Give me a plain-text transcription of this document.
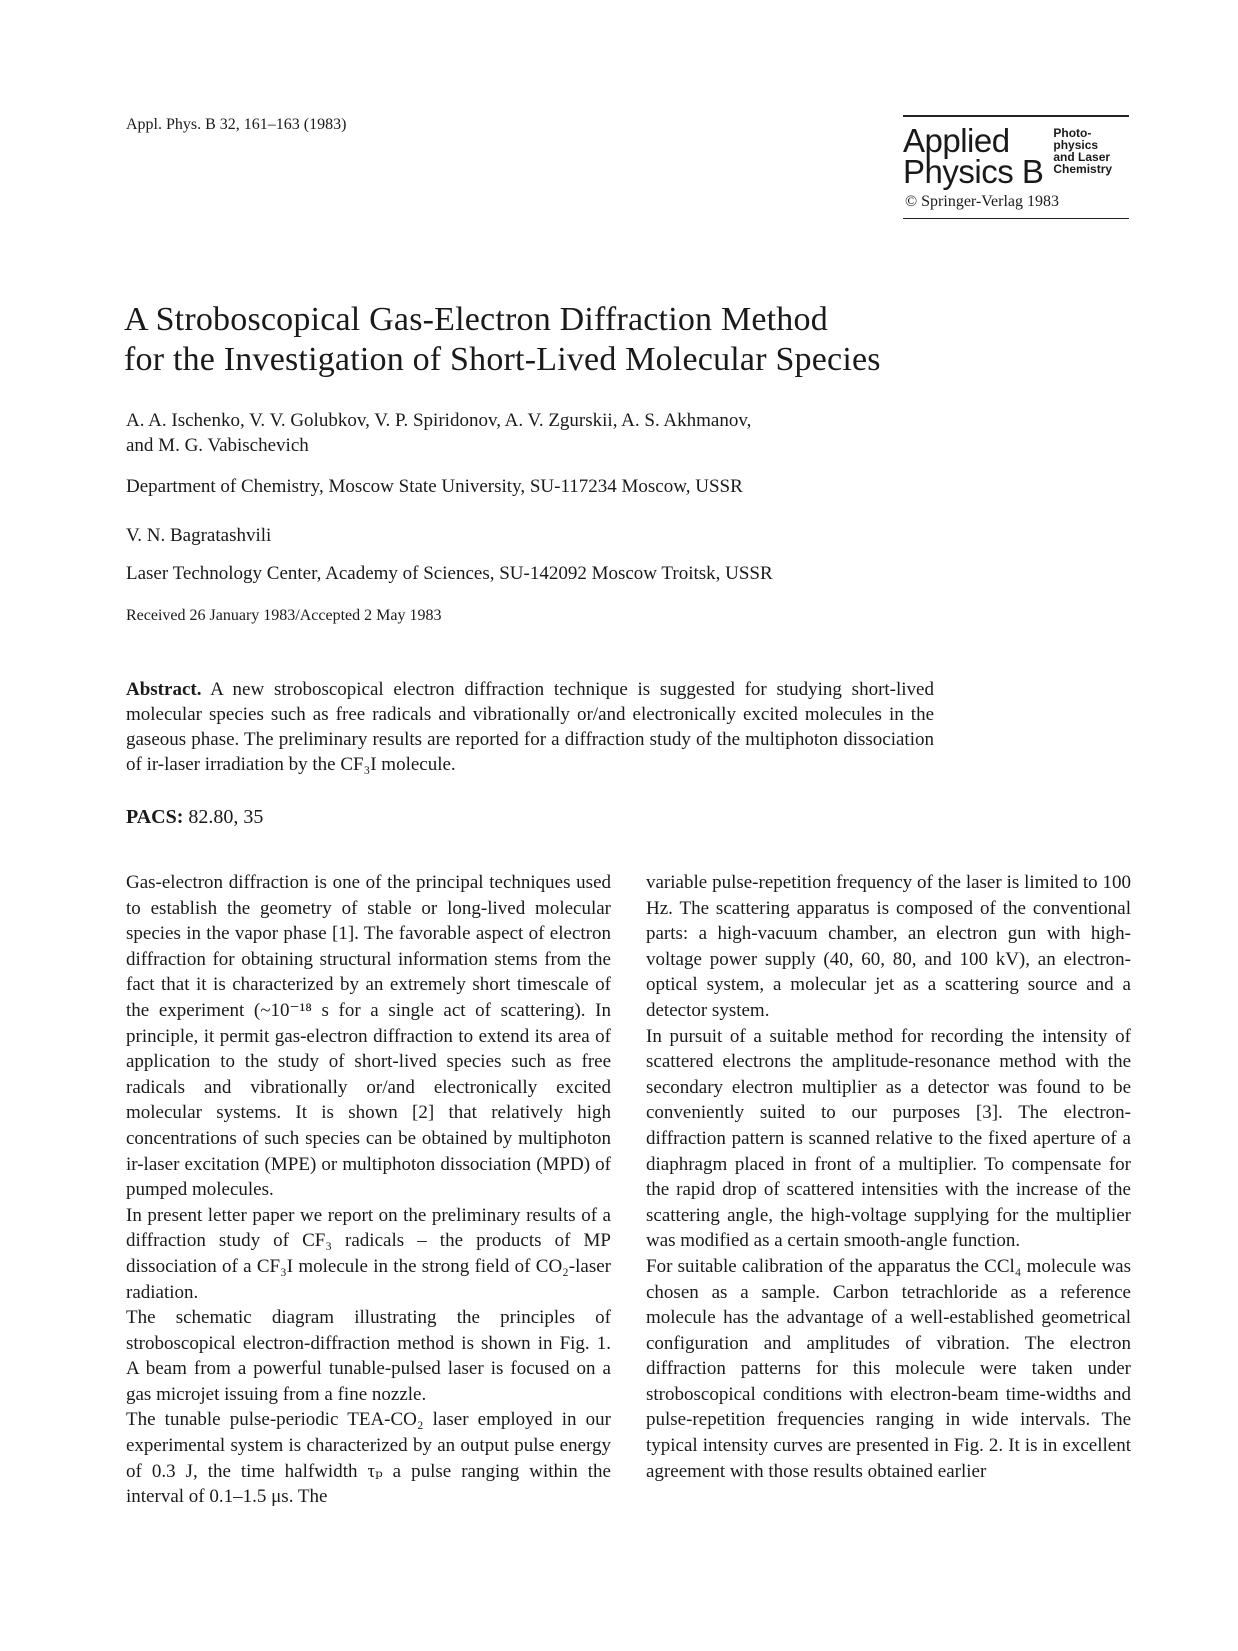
Appl. Phys. B 32, 161–163 (1983)	Applied
Physics B
Photo-
physics
and Laser
Chemistry
© Springer-Verlag 1983
A Stroboscopical Gas-Electron Diffraction Method
for the Investigation of Short-Lived Molecular Species
A. A. Ischenko, V. V. Golubkov, V. P. Spiridonov, A. V. Zgurskii, A. S. Akhmanov,
and M. G. Vabischevich
Department of Chemistry, Moscow State University, SU-117234 Moscow, USSR
V. N. Bagratashvili
Laser Technology Center, Academy of Sciences, SU-142092 Moscow Troitsk, USSR
Received 26 January 1983/Accepted 2 May 1983
Abstract. A new stroboscopical electron diffraction technique is suggested for studying short-lived molecular species such as free radicals and vibrationally or/and electronically excited molecules in the gaseous phase. The preliminary results are reported for a diffraction study of the multiphoton dissociation of ir-laser irradiation by the CF₃I molecule.
PACS: 82.80, 35

Gas-electron diffraction is one of the principal techniques used to establish the geometry of stable or long-lived molecular species in the vapor phase [1]. The favorable aspect of electron diffraction for obtaining structural information stems from the fact that it is characterized by an extremely short timescale of the experiment (~10⁻¹⁸ s for a single act of scattering). In principle, it permit gas-electron diffraction to extend its area of application to the study of short-lived species such as free radicals and vibrationally or/and electronically excited molecular systems. It is shown [2] that relatively high concentrations of such species can be obtained by multiphoton ir-laser excitation (MPE) or multiphoton dissociation (MPD) of pumped molecules.

In present letter paper we report on the preliminary results of a diffraction study of CF₃ radicals – the products of MP dissociation of a CF₃I molecule in the strong field of CO₂-laser radiation.

The schematic diagram illustrating the principles of stroboscopical electron-diffraction method is shown in Fig. 1. A beam from a powerful tunable-pulsed laser is focused on a gas microjet issuing from a fine nozzle.

The tunable pulse-periodic TEA-CO₂ laser employed in our experimental system is characterized by an output pulse energy of 0.3 J, the time halfwidth τₚ a pulse ranging within the interval of 0.1–1.5 μs. The

variable pulse-repetition frequency of the laser is limited to 100 Hz. The scattering apparatus is composed of the conventional parts: a high-vacuum chamber, an electron gun with high-voltage power supply (40, 60, 80, and 100 kV), an electron-optical system, a molecular jet as a scattering source and a detector system.

In pursuit of a suitable method for recording the intensity of scattered electrons the amplitude-resonance method with the secondary electron multiplier as a detector was found to be conveniently suited to our purposes [3]. The electron-diffraction pattern is scanned relative to the fixed aperture of a diaphragm placed in front of a multiplier. To compensate for the rapid drop of scattered intensities with the increase of the scattering angle, the high-voltage supplying for the multiplier was modified as a certain smooth-angle function.

For suitable calibration of the apparatus the CCl₄ molecule was chosen as a sample. Carbon tetrachloride as a reference molecule has the advantage of a well-established geometrical configuration and amplitudes of vibration. The electron diffraction patterns for this molecule were taken under stroboscopical conditions with electron-beam time-widths and pulse-repetition frequencies ranging in wide intervals. The typical intensity curves are presented in Fig. 2. It is in excellent agreement with those results obtained earlier
